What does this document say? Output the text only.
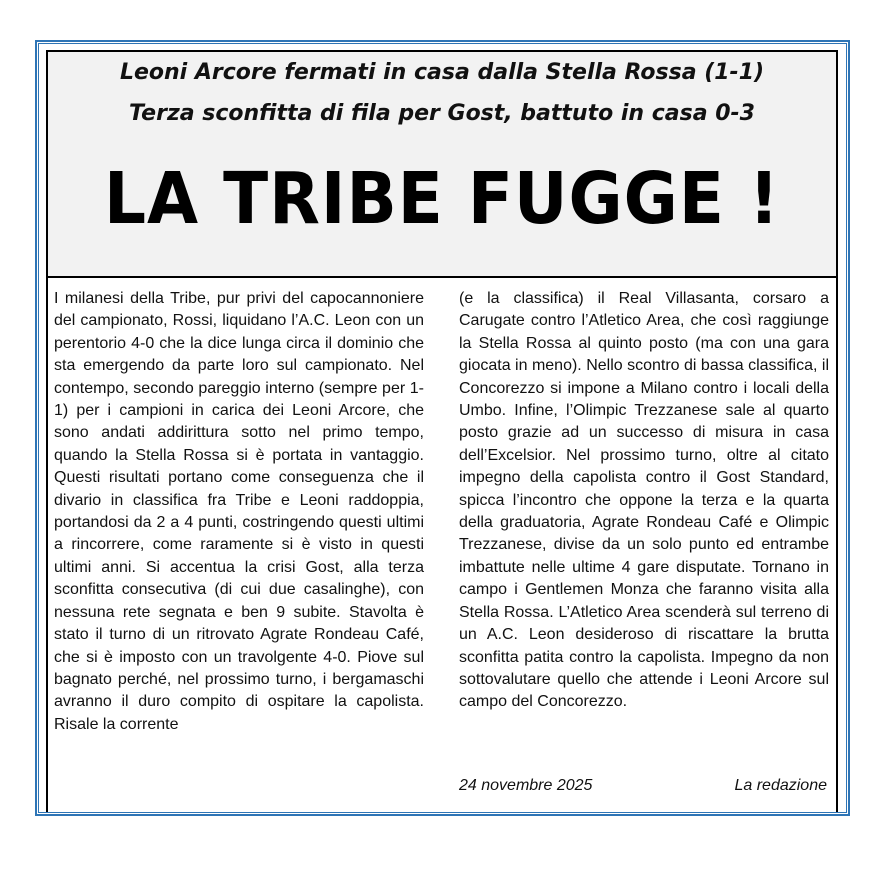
Leoni Arcore fermati in casa dalla Stella Rossa (1-1)
Terza sconfitta di fila per Gost, battuto in casa 0-3
LA TRIBE FUGGE !
I milanesi della Tribe, pur privi del capocannoniere del campionato, Rossi, liquidano l’A.C. Leon con un perentorio 4-0 che la dice lunga circa il dominio che sta emergendo da parte loro sul campionato. Nel contempo, secondo pareggio interno (sempre per 1-1) per i campioni in carica dei Leoni Arcore, che sono andati addirittura sotto nel primo tempo, quando la Stella Rossa si è portata in vantaggio. Questi risultati portano come conseguenza che il divario in classifica fra Tribe e Leoni raddoppia, portandosi da 2 a 4 punti, costringendo questi ultimi a rincorrere, come raramente si è visto in questi ultimi anni. Si accentua la crisi Gost, alla terza sconfitta consecutiva (di cui due casalinghe), con nessuna rete segnata e ben 9 subite. Stavolta è stato il turno di un ritrovato Agrate Rondeau Café, che si è imposto con un travolgente 4-0. Piove sul bagnato perché, nel prossimo turno, i bergamaschi avranno il duro compito di ospitare la capolista. Risale la corrente
(e la classifica) il Real Villasanta, corsaro a Carugate contro l’Atletico Area, che così raggiunge la Stella Rossa al quinto posto (ma con una gara giocata in meno). Nello scontro di bassa classifica, il Concorezzo si impone a Milano contro i locali della Umbo. Infine, l’Olimpic Trezzanese sale al quarto posto grazie ad un successo di misura in casa dell’Excelsior. Nel prossimo turno, oltre al citato impegno della capolista contro il Gost Standard, spicca l’incontro che oppone la terza e la quarta della graduatoria, Agrate Rondeau Café e Olimpic Trezzanese, divise da un solo punto ed entrambe imbattute nelle ultime 4 gare disputate. Tornano in campo i Gentlemen Monza che faranno visita alla Stella Rossa. L’Atletico Area scenderà sul terreno di un A.C. Leon desideroso di riscattare la brutta sconfitta patita contro la capolista. Impegno da non sottovalutare quello che attende i Leoni Arcore sul campo del Concorezzo.
24 novembre 2025	La redazione
